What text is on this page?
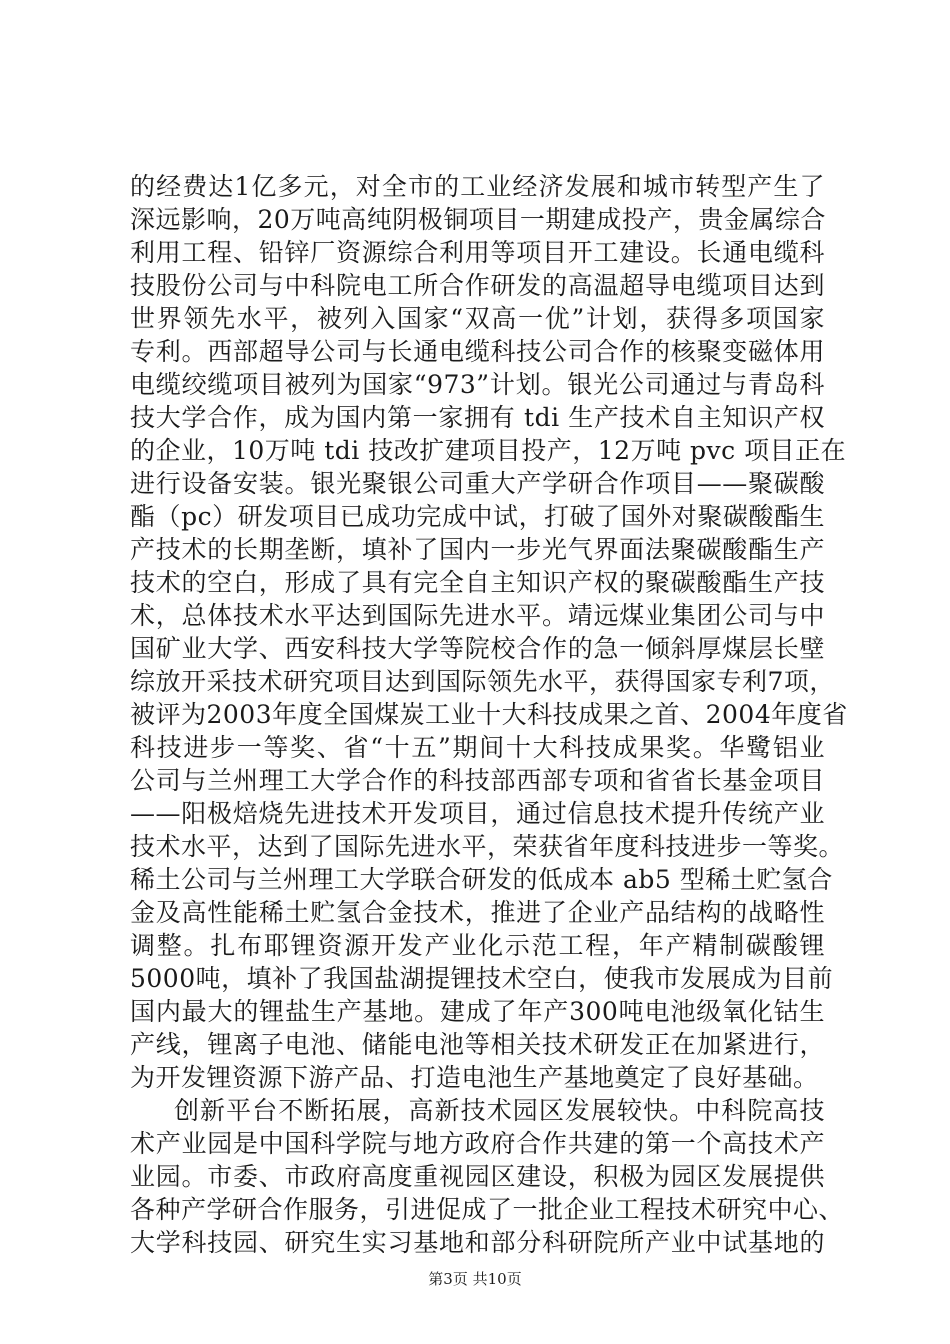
的经费达1亿多元，对全市的工业经济发展和城市转型产生了
深远影响，20万吨高纯阴极铜项目一期建成投产，贵金属综合
利用工程、铅锌厂资源综合利用等项目开工建设。长通电缆科
技股份公司与中科院电工所合作研发的高温超导电缆项目达到
世界领先水平，被列入国家“双高一优”计划，获得多项国家
专利。西部超导公司与长通电缆科技公司合作的核聚变磁体用
电缆绞缆项目被列为国家“973”计划。银光公司通过与青岛科
技大学合作，成为国内第一家拥有 tdi 生产技术自主知识产权
的企业，10万吨 tdi 技改扩建项目投产，12万吨 pvc 项目正在
进行设备安装。银光聚银公司重大产学研合作项目——聚碳酸
酯（pc）研发项目已成功完成中试，打破了国外对聚碳酸酯生
产技术的长期垄断，填补了国内一步光气界面法聚碳酸酯生产
技术的空白，形成了具有完全自主知识产权的聚碳酸酯生产技
术，总体技术水平达到国际先进水平。靖远煤业集团公司与中
国矿业大学、西安科技大学等院校合作的急一倾斜厚煤层长壁
综放开采技术研究项目达到国际领先水平，获得国家专利7项，
被评为2003年度全国煤炭工业十大科技成果之首、2004年度省
科技进步一等奖、省“十五”期间十大科技成果奖。华鹭铝业
公司与兰州理工大学合作的科技部西部专项和省省长基金项目
——阳极焙烧先进技术开发项目，通过信息技术提升传统产业
技术水平，达到了国际先进水平，荣获省年度科技进步一等奖。
稀土公司与兰州理工大学联合研发的低成本 ab5 型稀土贮氢合
金及高性能稀土贮氢合金技术，推进了企业产品结构的战略性
调整。扎布耶锂资源开发产业化示范工程，年产精制碳酸锂
5000吨，填补了我国盐湖提锂技术空白，使我市发展成为目前
国内最大的锂盐生产基地。建成了年产300吨电池级氧化钴生
产线，锂离子电池、储能电池等相关技术研发正在加紧进行，
为开发锂资源下游产品、打造电池生产基地奠定了良好基础。
创新平台不断拓展，高新技术园区发展较快。中科院高技
术产业园是中国科学院与地方政府合作共建的第一个高技术产
业园。市委、市政府高度重视园区建设，积极为园区发展提供
各种产学研合作服务，引进促成了一批企业工程技术研究中心、
大学科技园、研究生实习基地和部分科研院所产业中试基地的
第3页 共10页
